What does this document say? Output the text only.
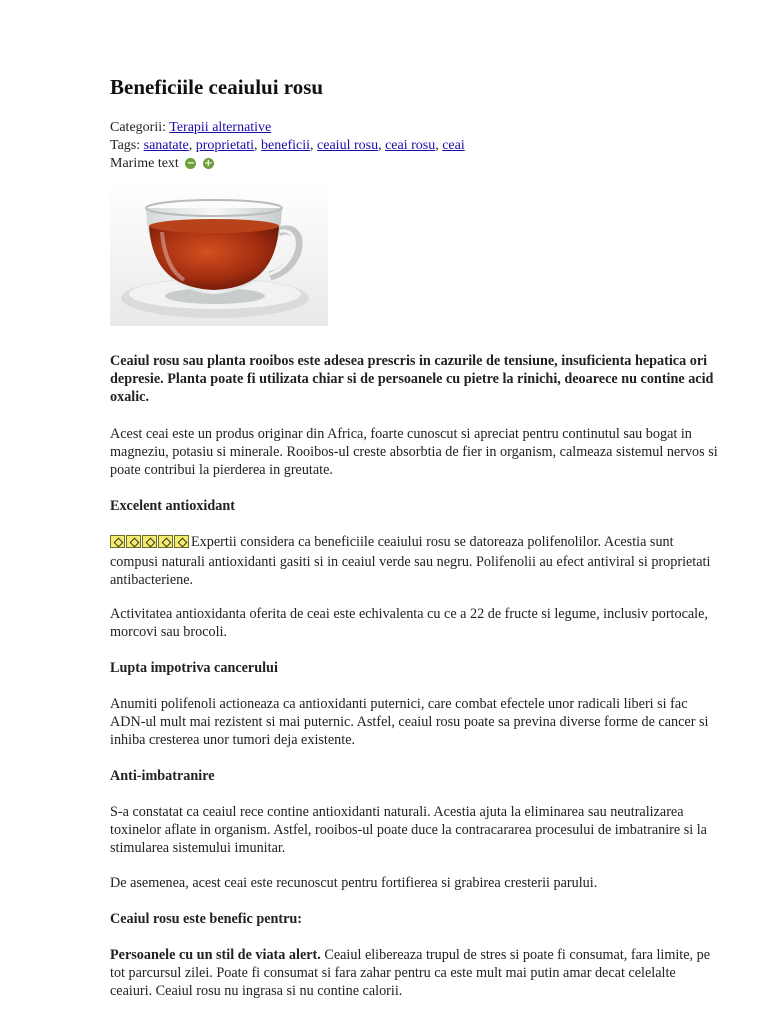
Beneficiile ceaiului rosu
Categorii: Terapii alternative
Tags: sanatate, proprietati, beneficii, ceaiul rosu, ceai rosu, ceai
Marime text − +
Ceaiul rosu sau planta rooibos este adesea prescris in cazurile de tensiune, insuficienta hepatica ori depresie. Planta poate fi utilizata chiar si de persoanele cu pietre la rinichi, deoarece nu contine acid oxalic.
Acest ceai este un produs originar din Africa, foarte cunoscut si apreciat pentru continutul sau bogat in magneziu, potasiu si minerale. Rooibos-ul creste absorbtia de fier in organism, calmeaza sistemul nervos si poate contribui la pierderea in greutate.
Excelent antioxidant
Expertii considera ca beneficiile ceaiului rosu se datoreaza polifenolilor. Acestia sunt compusi naturali antioxidanti gasiti si in ceaiul verde sau negru. Polifenolii au efect antiviral si proprietati antibacteriene.
Activitatea antioxidanta oferita de ceai este echivalenta cu ce a 22 de fructe si legume, inclusiv portocale, morcovi sau brocoli.
Lupta impotriva cancerului
Anumiti polifenoli actioneaza ca antioxidanti puternici, care combat efectele unor radicali liberi si fac ADN-ul mult mai rezistent si mai puternic. Astfel, ceaiul rosu poate sa previna diverse forme de cancer si inhiba cresterea unor tumori deja existente.
Anti-imbatranire
S-a constatat ca ceaiul rece contine antioxidanti naturali. Acestia ajuta la eliminarea sau neutralizarea toxinelor aflate in organism. Astfel, rooibos-ul poate duce la contracararea procesului de imbatranire si la stimularea sistemului imunitar.
De asemenea, acest ceai este recunoscut pentru fortifierea si grabirea cresterii parului.
Ceaiul rosu este benefic pentru:
Persoanele cu un stil de viata alert. Ceaiul elibereaza trupul de stres si poate fi consumat, fara limite, pe tot parcursul zilei. Poate fi consumat si fara zahar pentru ca este mult mai putin amar decat celelalte ceaiuri. Ceaiul rosu nu ingrasa si nu contine calorii.
